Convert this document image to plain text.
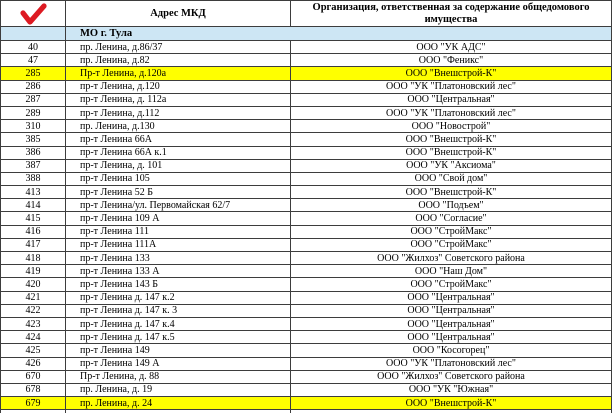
	Адрес МКД	Организация, ответственная за содержание общедомового имущества
	МО г. Тула	
40	пр. Ленина, д.86/37	ООО "УК АДС"
47	пр. Ленина, д.82	ООО "Феникс"
285	Пр-т Ленина, д.120а	ООО "Внешстрой-К"
286	пр-т Ленина, д.120	ООО "УК "Платоновский лес"
287	пр-т Ленина, д. 112а	ООО "Центральная"
289	пр-т Ленина, д.112	ООО "УК "Платоновский лес"
310	пр. Ленина, д.130	ООО "Новострой"
385	пр-т Ленина 66А	ООО "Внешстрой-К"
386	пр-т Ленина 66А к.1	ООО "Внешстрой-К"
387	пр-т Ленина, д. 101	ООО "УК "Аксиома"
388	пр-т Ленина 105	ООО "Свой дом"
413	пр-т Ленина 52 Б	ООО "Внешстрой-К"
414	пр-т Ленина/ул. Первомайская 62/7	ООО "Подъем"
415	пр-т Ленина 109 А	ООО "Согласие"
416	пр-т Ленина 111	ООО "СтройМакс"
417	пр-т Ленина 111А	ООО "СтройМакс"
418	пр-т Ленина 133	ООО "Жилхоз" Советского района
419	пр-т Ленина 133 А	ООО "Наш Дом"
420	пр-т Ленина 143 Б	ООО "СтройМакс"
421	пр-т Ленина д. 147 к.2	ООО "Центральная"
422	пр-т Ленина д. 147 к. 3	ООО "Центральная"
423	пр-т Ленина д. 147 к.4	ООО "Центральная"
424	пр-т Ленина д. 147 к.5	ООО "Центральная"
425	пр-т Ленина 149	ООО "Косогорец"
426	пр-т Ленина 149 А	ООО "УК "Платоновский лес"
670	Пр-т Ленина, д. 88	ООО "Жилхоз" Советского района
678	пр. Ленина, д. 19	ООО "УК "Южная"
679	пр. Ленина, д. 24	ООО "Внешстрой-К"
